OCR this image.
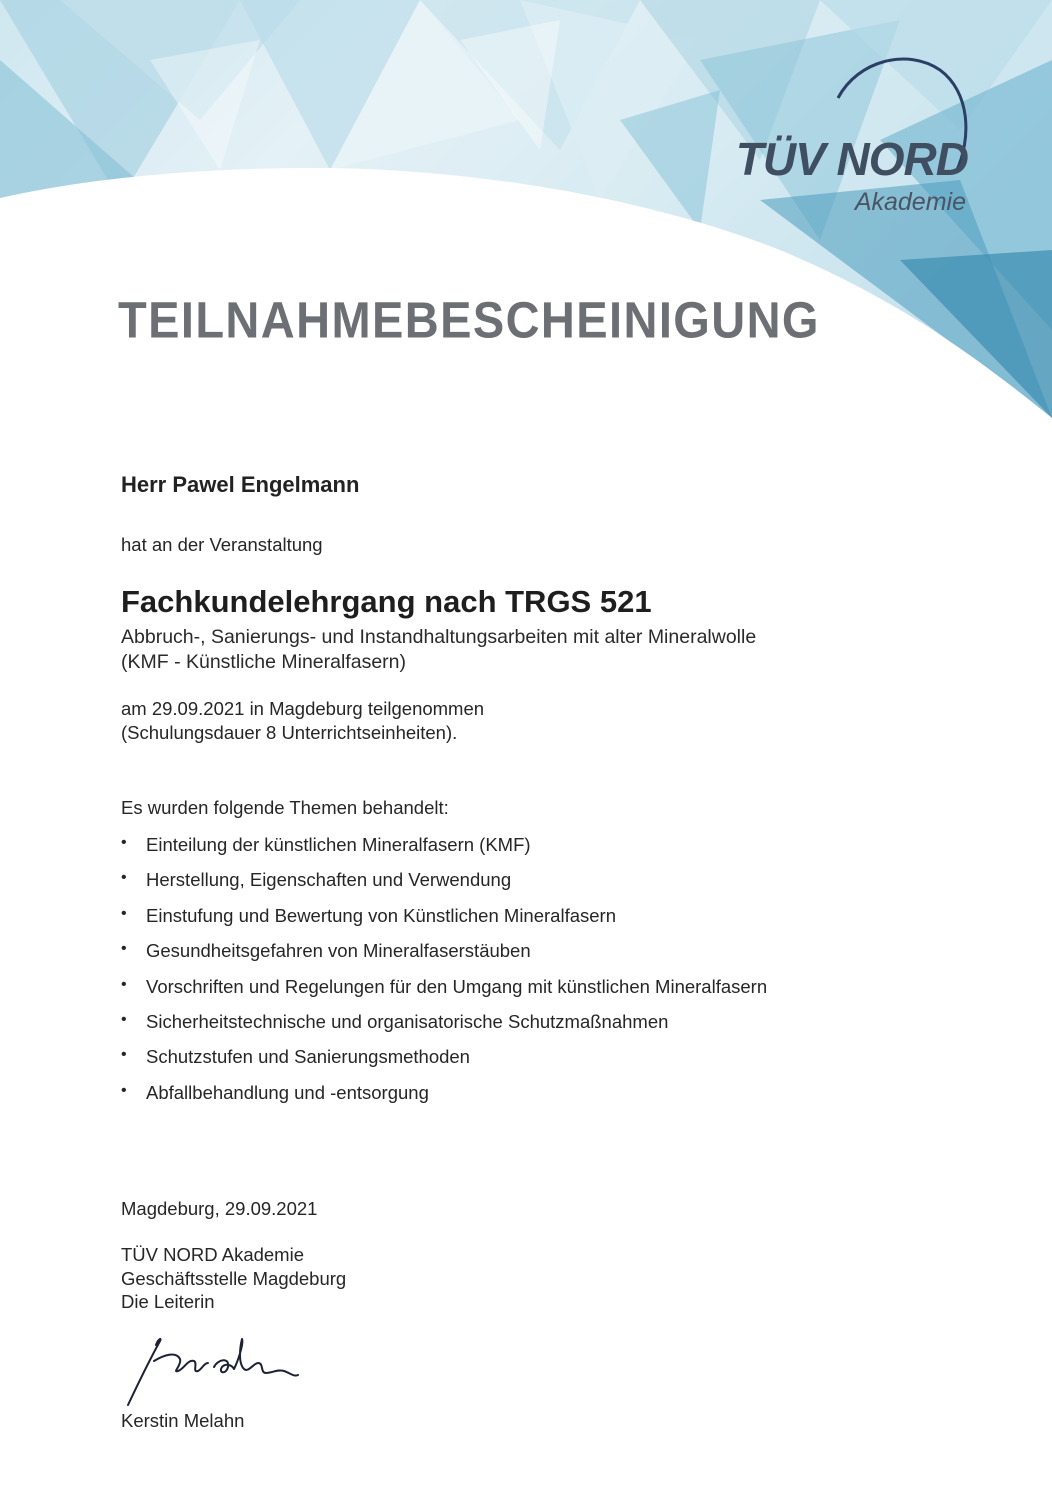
TÜV NORD
Akademie
TEILNAHMEBESCHEINIGUNG
Herr Pawel Engelmann
hat an der Veranstaltung
Fachkundelehrgang nach TRGS 521
Abbruch-, Sanierungs- und Instandhaltungsarbeiten mit alter Mineralwolle
(KMF - Künstliche Mineralfasern)
am 29.09.2021 in Magdeburg teilgenommen
(Schulungsdauer 8 Unterrichtseinheiten).
Es wurden folgende Themen behandelt:
• Einteilung der künstlichen Mineralfasern (KMF)
• Herstellung, Eigenschaften und Verwendung
• Einstufung und Bewertung von Künstlichen Mineralfasern
• Gesundheitsgefahren von Mineralfaserstäuben
• Vorschriften und Regelungen für den Umgang mit künstlichen Mineralfasern
• Sicherheitstechnische und organisatorische Schutzmaßnahmen
• Schutzstufen und Sanierungsmethoden
• Abfallbehandlung und -entsorgung
Magdeburg, 29.09.2021
TÜV NORD Akademie
Geschäftsstelle Magdeburg
Die Leiterin
Kerstin Melahn
